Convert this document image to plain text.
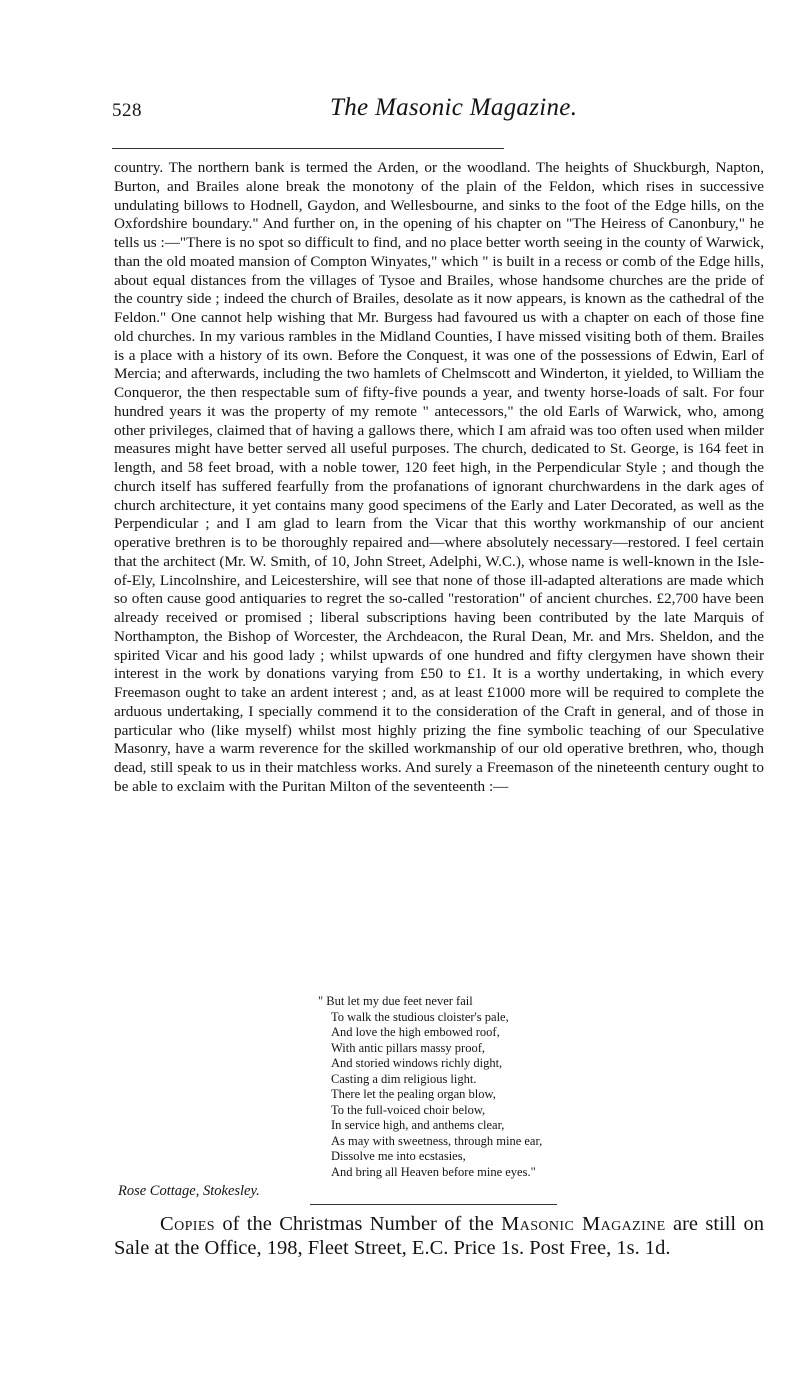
528	The Masonic Magazine.

country. The northern bank is termed the Arden, or the woodland. The heights of Shuckburgh, Napton, Burton, and Brailes alone break the monotony of the plain of the Feldon, which rises in successive undulating billows to Hodnell, Gaydon, and Wellesbourne, and sinks to the foot of the Edge hills, on the Oxfordshire boundary." And further on, in the opening of his chapter on "The Heiress of Canonbury," he tells us :—"There is no spot so difficult to find, and no place better worth seeing in the county of Warwick, than the old moated mansion of Compton Winyates," which " is built in a recess or comb of the Edge hills, about equal distances from the villages of Tysoe and Brailes, whose handsome churches are the pride of the country side ; indeed the church of Brailes, desolate as it now appears, is known as the cathedral of the Feldon." One cannot help wishing that Mr. Burgess had favoured us with a chapter on each of those fine old churches. In my various rambles in the Midland Counties, I have missed visiting both of them. Brailes is a place with a history of its own. Before the Conquest, it was one of the possessions of Edwin, Earl of Mercia; and afterwards, including the two hamlets of Chelmscott and Winderton, it yielded, to William the Conqueror, the then respectable sum of fifty-five pounds a year, and twenty horse-loads of salt. For four hundred years it was the property of my remote " antecessors," the old Earls of Warwick, who, among other privileges, claimed that of having a gallows there, which I am afraid was too often used when milder measures might have better served all useful purposes. The church, dedicated to St. George, is 164 feet in length, and 58 feet broad, with a noble tower, 120 feet high, in the Perpendicular Style ; and though the church itself has suffered fearfully from the profanations of ignorant churchwardens in the dark ages of church architecture, it yet contains many good specimens of the Early and Later Decorated, as well as the Perpendicular ; and I am glad to learn from the Vicar that this worthy workmanship of our ancient operative brethren is to be thoroughly repaired and—where absolutely necessary—restored. I feel certain that the architect (Mr. W. Smith, of 10, John Street, Adelphi, W.C.), whose name is well-known in the Isle-of-Ely, Lincolnshire, and Leicestershire, will see that none of those ill-adapted alterations are made which so often cause good antiquaries to regret the so-called "restoration" of ancient churches. £2,700 have been already received or promised ; liberal subscriptions having been contributed by the late Marquis of Northampton, the Bishop of Worcester, the Archdeacon, the Rural Dean, Mr. and Mrs. Sheldon, and the spirited Vicar and his good lady ; whilst upwards of one hundred and fifty clergymen have shown their interest in the work by donations varying from £50 to £1. It is a worthy undertaking, in which every Freemason ought to take an ardent interest ; and, as at least £1000 more will be required to complete the arduous undertaking, I specially commend it to the consideration of the Craft in general, and of those in particular who (like myself) whilst most highly prizing the fine symbolic teaching of our Speculative Masonry, have a warm reverence for the skilled workmanship of our old operative brethren, who, though dead, still speak to us in their matchless works. And surely a Freemason of the nineteenth century ought to be able to exclaim with the Puritan Milton of the seventeenth :—

" But let my due feet never fail
To walk the studious cloister's pale,
And love the high embowed roof,
With antic pillars massy proof,
And storied windows richly dight,
Casting a dim religious light.
There let the pealing organ blow,
To the full-voiced choir below,
In service high, and anthems clear,
As may with sweetness, through mine ear,
Dissolve me into ecstasies,
And bring all Heaven before mine eyes."
Rose Cottage, Stokesley.

Copies of the Christmas Number of the Masonic Magazine are still on Sale at the Office, 198, Fleet Street, E.C. Price 1s. Post Free, 1s. 1d.
